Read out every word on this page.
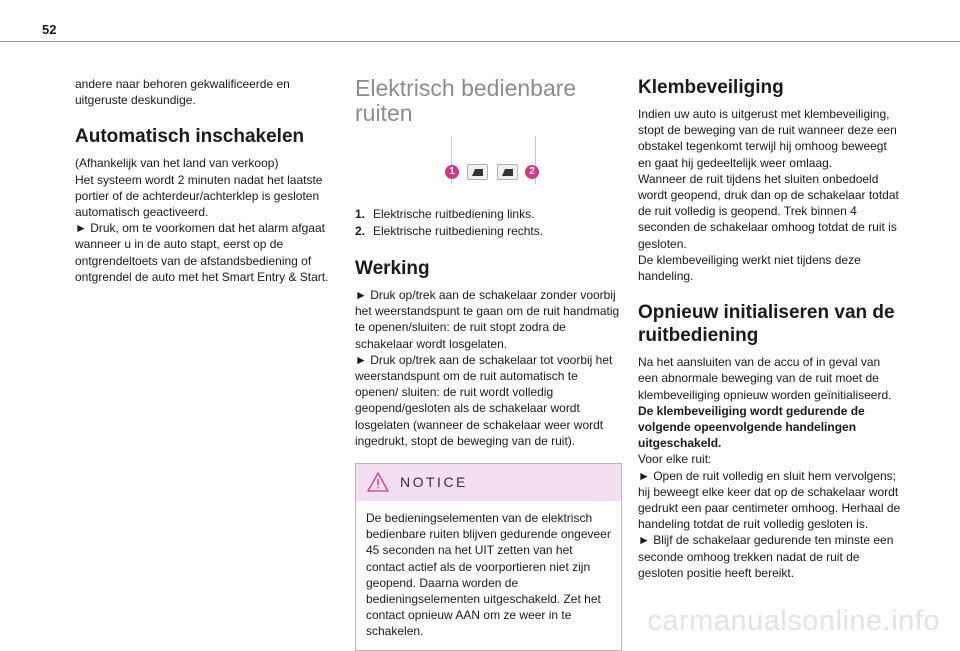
52

andere naar behoren gekwalificeerde en uitgeruste deskundige.

Automatisch inschakelen

(Afhankelijk van het land van verkoop)

Het systeem wordt 2 minuten nadat het laatste portier of de achterdeur/achterklep is gesloten automatisch geactiveerd.

► Druk, om te voorkomen dat het alarm afgaat wanneer u in de auto stapt, eerst op de ontgrendeltoets van de afstandsbediening of ontgrendel de auto met het Smart Entry & Start.

Elektrisch bedienbare ruiten
1	2
1. Elektrische ruitbediening links.
2. Elektrische ruitbediening rechts.
Werking

► Druk op/trek aan de schakelaar zonder voorbij het weerstandspunt te gaan om de ruit handmatig te openen/sluiten: de ruit stopt zodra de schakelaar wordt losgelaten.

► Druk op/trek aan de schakelaar tot voorbij het weerstandspunt om de ruit automatisch te openen/ sluiten: de ruit wordt volledig geopend/gesloten als de schakelaar wordt losgelaten (wanneer de schakelaar weer wordt ingedrukt, stopt de beweging van de ruit).

NOTICE

De bedieningselementen van de elektrisch bedienbare ruiten blijven gedurende ongeveer 45 seconden na het UIT zetten van het contact actief als de voorportieren niet zijn geopend. Daarna worden de bedieningselementen uitgeschakeld. Zet het contact opnieuw AAN om ze weer in te schakelen.

Klembeveiliging

Indien uw auto is uitgerust met klembeveiliging, stopt de beweging van de ruit wanneer deze een obstakel tegenkomt terwijl hij omhoog beweegt en gaat hij gedeeltelijk weer omlaag.

Wanneer de ruit tijdens het sluiten onbedoeld wordt geopend, druk dan op de schakelaar totdat de ruit volledig is geopend. Trek binnen 4 seconden de schakelaar omhoog totdat de ruit is gesloten.

De klembeveiliging werkt niet tijdens deze handeling.

Opnieuw initialiseren van de ruitbediening

Na het aansluiten van de accu of in geval van een abnormale beweging van de ruit moet de klembeveiliging opnieuw worden geïnitialiseerd.

De klembeveiliging wordt gedurende de volgende opeenvolgende handelingen uitgeschakeld.

Voor elke ruit:

► Open de ruit volledig en sluit hem vervolgens; hij beweegt elke keer dat op de schakelaar wordt gedrukt een paar centimeter omhoog. Herhaal de handeling totdat de ruit volledig gesloten is.

► Blijf de schakelaar gedurende ten minste een seconde omhoog trekken nadat de ruit de gesloten positie heeft bereikt.

carmanualsonline.info
